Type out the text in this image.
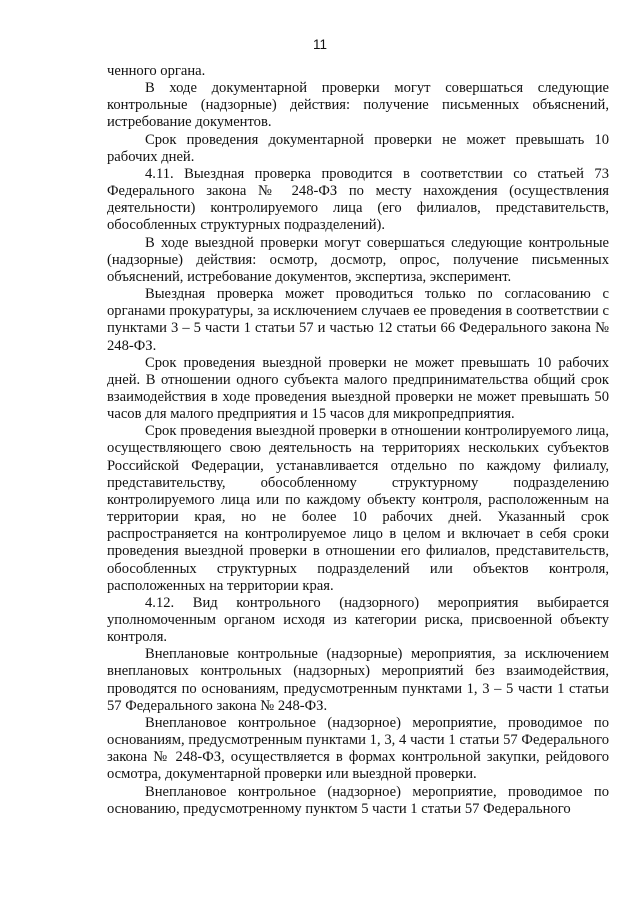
11

ченного органа.

В ходе документарной проверки могут совершаться следующие контрольные (надзорные) действия: получение письменных объяснений, истребование документов.

Срок проведения документарной проверки не может превышать 10 рабочих дней.

4.11. Выездная проверка проводится в соответствии со статьей 73 Федерального закона № 248-ФЗ по месту нахождения (осуществления деятельности) контролируемого лица (его филиалов, представительств, обособленных структурных подразделений).

В ходе выездной проверки могут совершаться следующие контрольные (надзорные) действия: осмотр, досмотр, опрос, получение письменных объяснений, истребование документов, экспертиза, эксперимент.

Выездная проверка может проводиться только по согласованию с органами прокуратуры, за исключением случаев ее проведения в соответствии с пунктами 3 – 5 части 1 статьи 57 и частью 12 статьи 66 Федерального закона № 248-ФЗ.

Срок проведения выездной проверки не может превышать 10 рабочих дней. В отношении одного субъекта малого предпринимательства общий срок взаимодействия в ходе проведения выездной проверки не может превышать 50 часов для малого предприятия и 15 часов для микропредприятия.

Срок проведения выездной проверки в отношении контролируемого лица, осуществляющего свою деятельность на территориях нескольких субъектов Российской Федерации, устанавливается отдельно по каждому филиалу, представительству, обособленному структурному подразделению контролируемого лица или по каждому объекту контроля, расположенным на территории края, но не более 10 рабочих дней. Указанный срок распространяется на контролируемое лицо в целом и включает в себя сроки проведения выездной проверки в отношении его филиалов, представительств, обособленных структурных подразделений или объектов контроля, расположенных на территории края.

4.12. Вид контрольного (надзорного) мероприятия выбирается уполномоченным органом исходя из категории риска, присвоенной объекту контроля.

Внеплановые контрольные (надзорные) мероприятия, за исключением внеплановых контрольных (надзорных) мероприятий без взаимодействия, проводятся по основаниям, предусмотренным пунктами 1, 3 – 5 части 1 статьи 57 Федерального закона № 248-ФЗ.

Внеплановое контрольное (надзорное) мероприятие, проводимое по основаниям, предусмотренным пунктами 1, 3, 4 части 1 статьи 57 Федерального закона № 248-ФЗ, осуществляется в формах контрольной закупки, рейдового осмотра, документарной проверки или выездной проверки.

Внеплановое контрольное (надзорное) мероприятие, проводимое по основанию, предусмотренному пунктом 5 части 1 статьи 57 Федерального
